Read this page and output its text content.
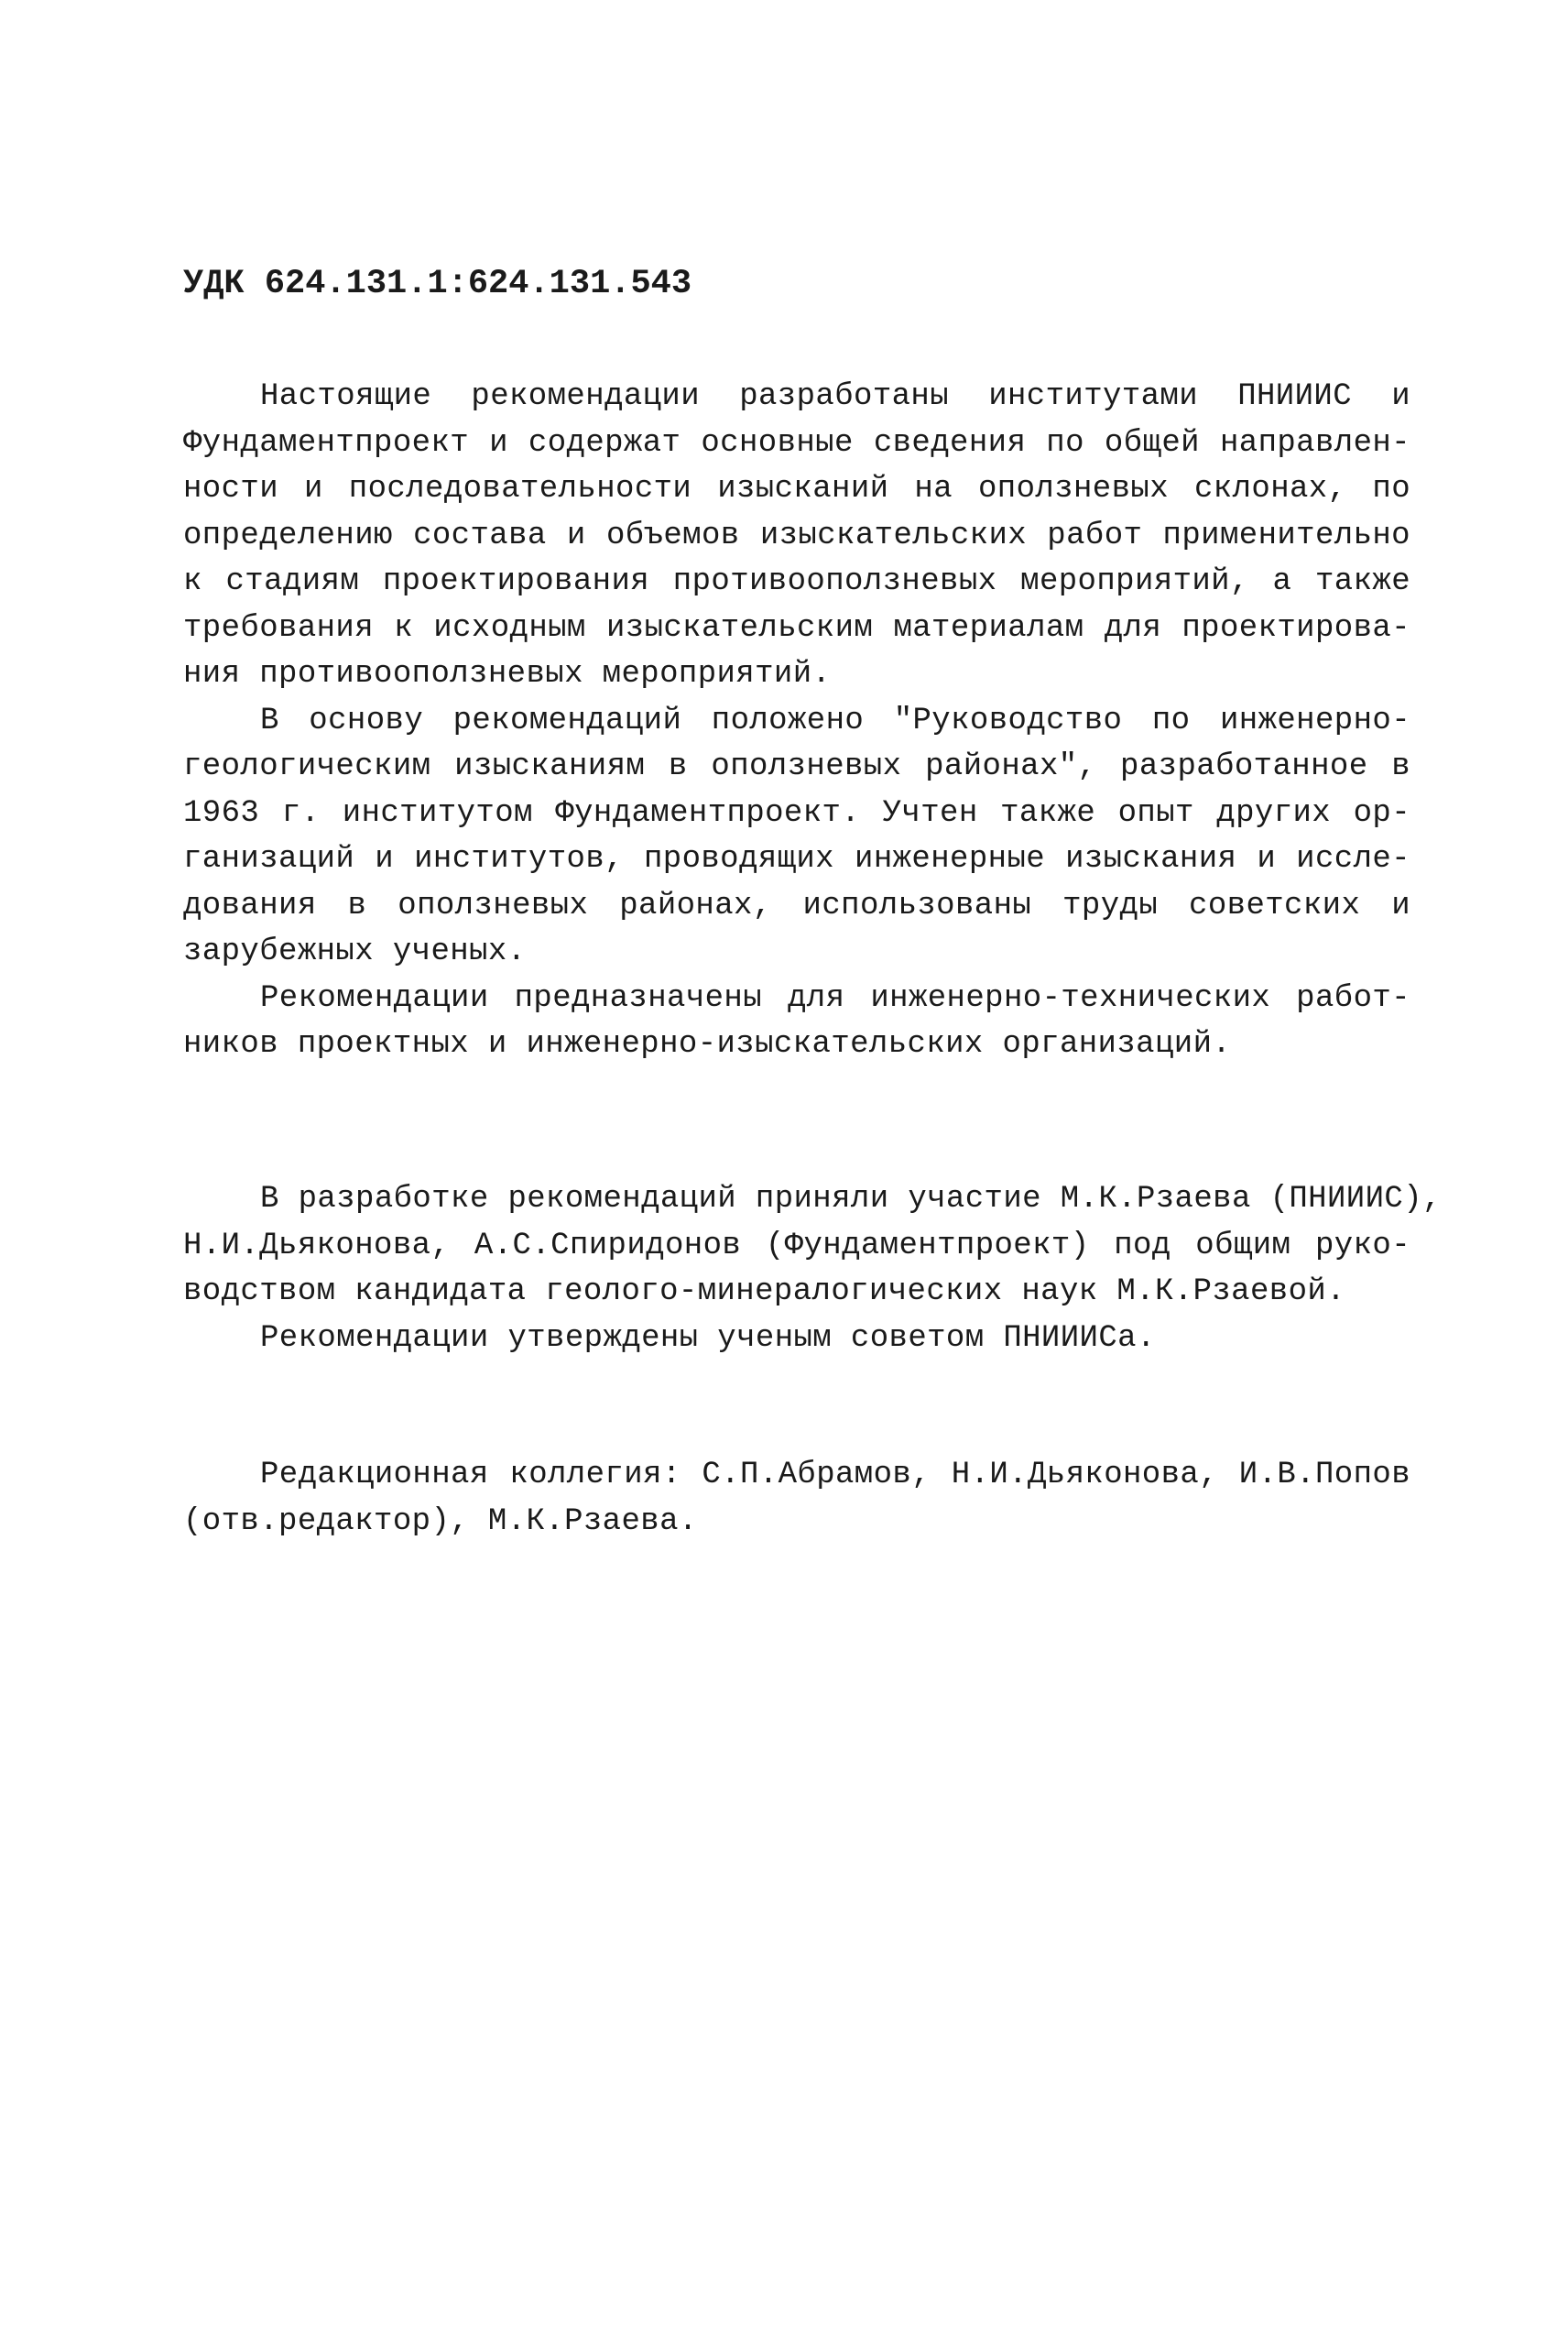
УДК 624.131.1:624.131.543
Настоящие рекомендации разработаны институтами ПНИИИС и
Фундаментпроект и содержат основные сведения по общей направлен-
ности и последовательности изысканий на оползневых склонах, по
определению состава и объемов изыскательских работ применительно
к стадиям проектирования противооползневых мероприятий, а также
требования к исходным изыскательским материалам для проектирова-
ния противооползневых мероприятий.
В основу рекомендаций положено "Руководство по инженерно-
геологическим изысканиям в оползневых районах", разработанное в
1963 г. институтом Фундаментпроект. Учтен также опыт других ор-
ганизаций и институтов, проводящих инженерные изыскания и иссле-
дования в оползневых районах, использованы труды советских и
зарубежных ученых.
Рекомендации предназначены для инженерно-технических работ-
ников проектных и инженерно-изыскательских организаций.
В разработке рекомендаций приняли участие М.К.Рзаева (ПНИИИС),
Н.И.Дьяконова, А.С.Спиридонов (Фундаментпроект) под общим руко-
водством кандидата геолого-минералогических наук М.К.Рзаевой.
Рекомендации утверждены ученым советом ПНИИИСа.
Редакционная коллегия: С.П.Абрамов, Н.И.Дьяконова, И.В.Попов
(отв.редактор), М.К.Рзаева.
